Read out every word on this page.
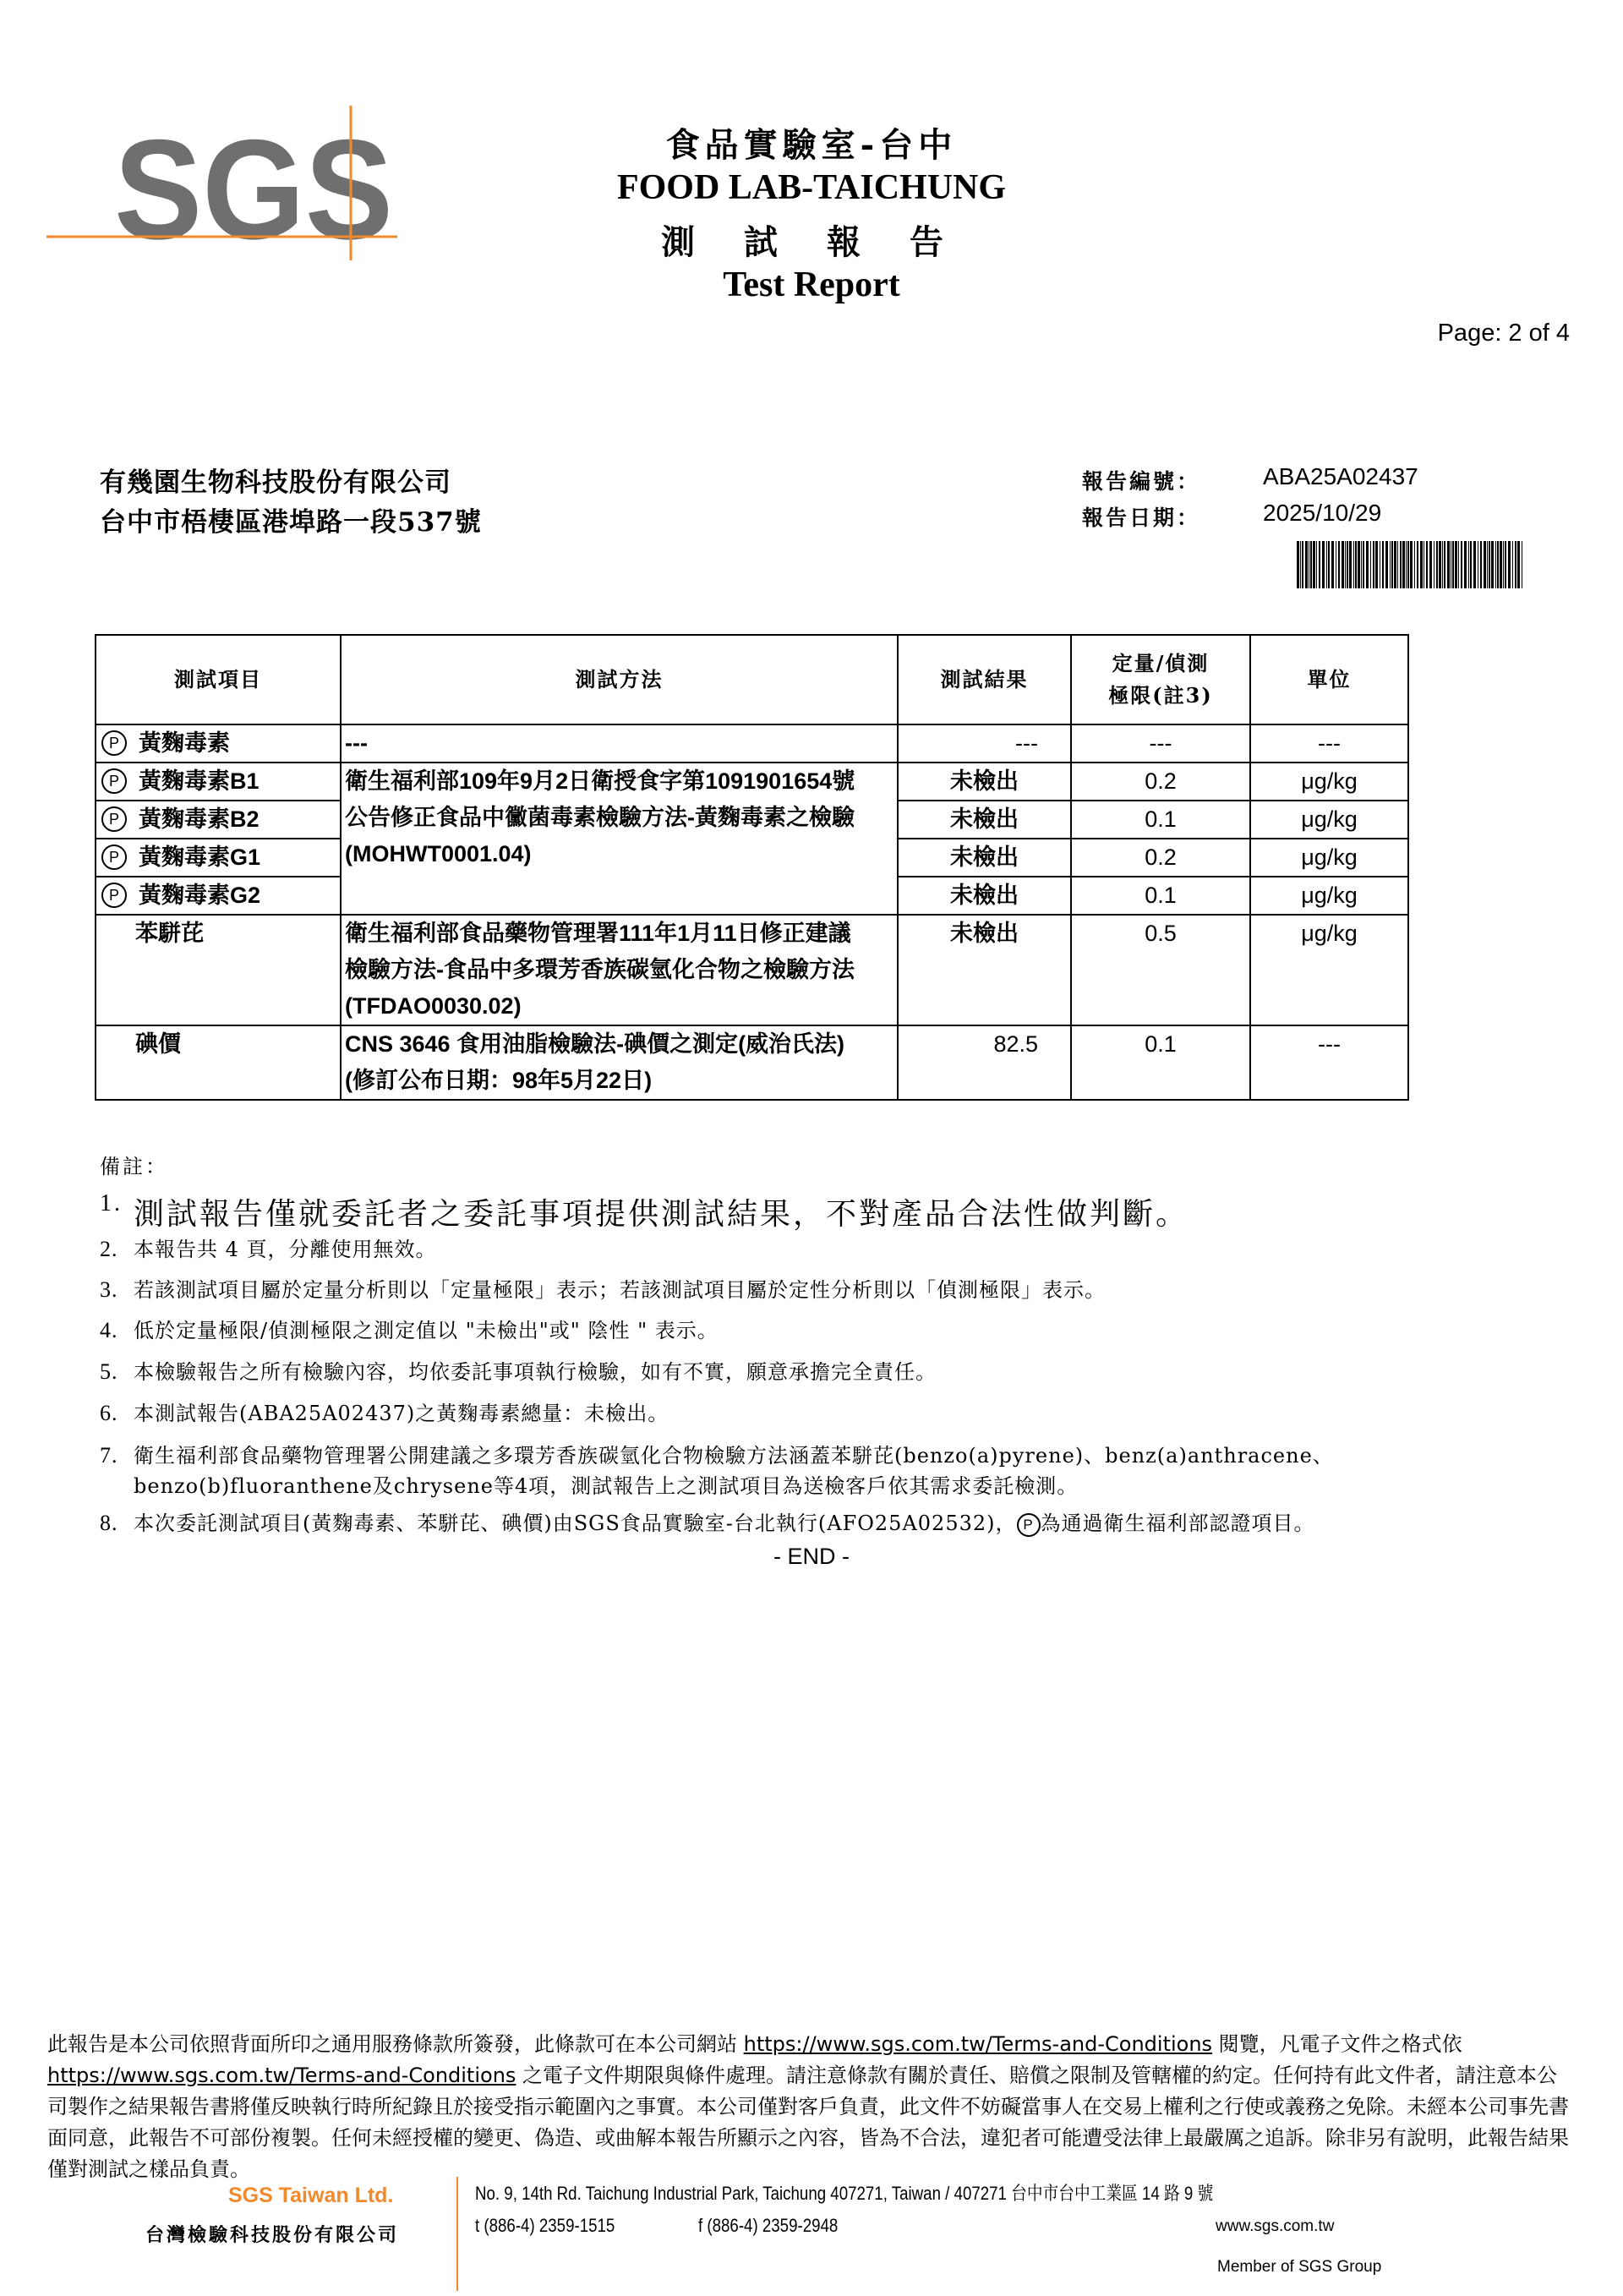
SGS	食品實驗室-台中
FOOD LAB-TAICHUNG
測 試 報 告
Test Report
Page: 2 of 4
有幾園生物科技股份有限公司
台中市梧棲區港埠路一段537號
報告編號：	ABA25A02437
報告日期：	2025/10/29
測試項目	測試方法	測試結果	定量/偵測
極限(註3)	單位
P 黃麴毒素	---	---	---	---
P 黃麴毒素B1	衛生福利部109年9月2日衛授食字第1091901654號
公告修正食品中黴菌毒素檢驗方法-黃麴毒素之檢驗
(MOHWT0001.04)	未檢出	0.2	μg/kg
P 黃麴毒素B2		未檢出	0.1	μg/kg
P 黃麴毒素G1		未檢出	0.2	μg/kg
P 黃麴毒素G2		未檢出	0.1	μg/kg
苯駢芘	衛生福利部食品藥物管理署111年1月11日修正建議
檢驗方法-食品中多環芳香族碳氫化合物之檢驗方法
(TFDAO0030.02)	未檢出	0.5	μg/kg
碘價	CNS 3646 食用油脂檢驗法-碘價之測定(威治氏法)
(修訂公布日期：98年5月22日)	82.5	0.1	---
備註：
1. 測試報告僅就委託者之委託事項提供測試結果，不對產品合法性做判斷。
2. 本報告共 4 頁，分離使用無效。
3. 若該測試項目屬於定量分析則以「定量極限」表示；若該測試項目屬於定性分析則以「偵測極限」表示。
4. 低於定量極限/偵測極限之測定值以 "未檢出"或" 陰性 " 表示。
5. 本檢驗報告之所有檢驗內容，均依委託事項執行檢驗，如有不實，願意承擔完全責任。
6. 本測試報告(ABA25A02437)之黃麴毒素總量：未檢出。
7. 衛生福利部食品藥物管理署公開建議之多環芳香族碳氫化合物檢驗方法涵蓋苯駢芘(benzo(a)pyrene)、benz(a)anthracene、
benzo(b)fluoranthene及chrysene等4項，測試報告上之測試項目為送檢客戶依其需求委託檢測。
8. 本次委託測試項目(黃麴毒素、苯駢芘、碘價)由SGS食品實驗室-台北執行(AFO25A02532)， P 為通過衛生福利部認證項目。
- END -
此報告是本公司依照背面所印之通用服務條款所簽發，此條款可在本公司網站 https://www.sgs.com.tw/Terms-and-Conditions 閱覽，凡電子文件之格式依
https://www.sgs.com.tw/Terms-and-Conditions 之電子文件期限與條件處理。請注意條款有關於責任、賠償之限制及管轄權的約定。任何持有此文件者，請注意本公司製作之結果報告書將僅反映執行時所紀錄且於接受指示範圍內之事實。本公司僅對客戶負責，此文件不妨礙當事人在交易上權利之行使或義務之免除。未經本公司事先書面同意，此報告不可部份複製。任何未經授權的變更、偽造、或曲解本報告所顯示之內容，皆為不合法，違犯者可能遭受法律上最嚴厲之追訴。除非另有說明，此報告結果僅對測試之樣品負責。
SGS Taiwan Ltd.
台灣檢驗科技股份有限公司
No. 9, 14th Rd. Taichung Industrial Park, Taichung 407271, Taiwan / 407271 台中市台中工業區 14 路 9 號
t (886-4) 2359-1515	f (886-4) 2359-2948	www.sgs.com.tw
Member of SGS Group
